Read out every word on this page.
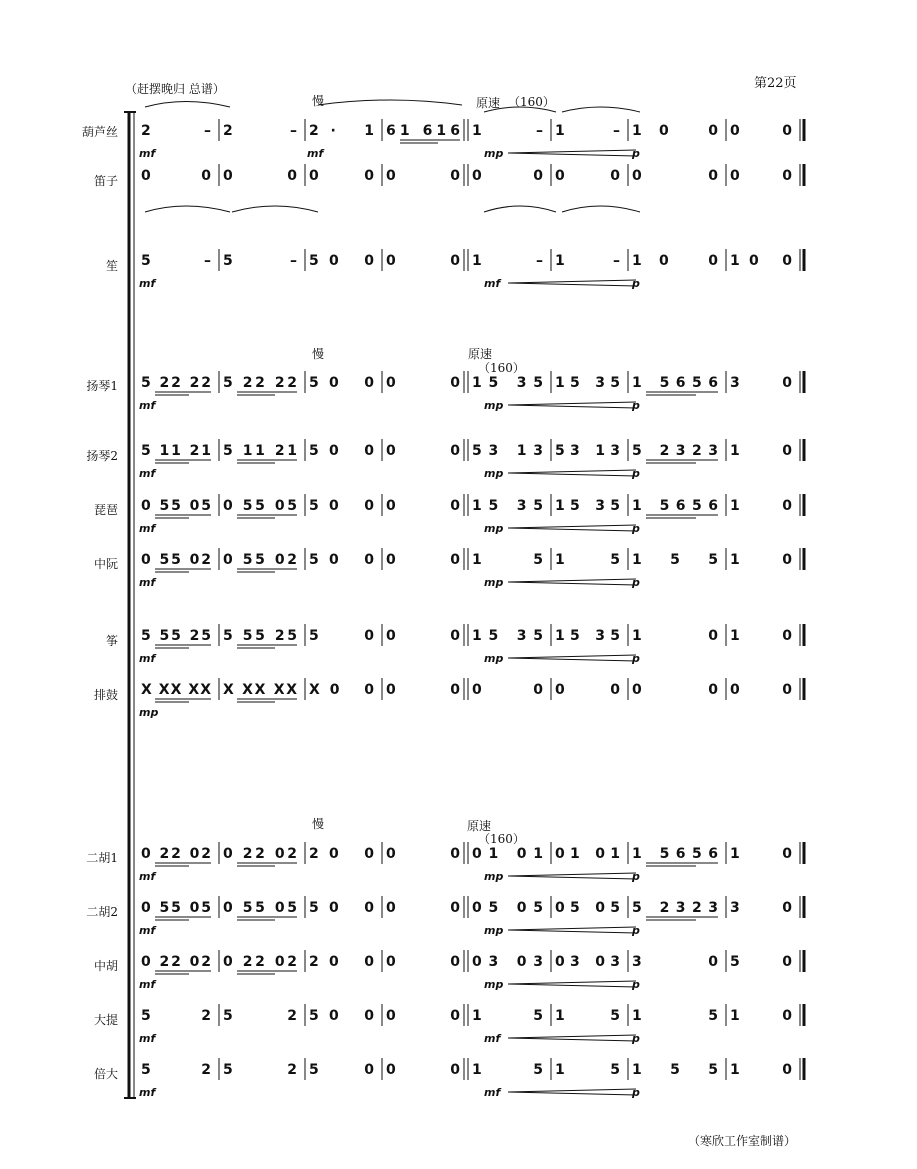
第22页
（赶摆晚归 总谱）
（寒欣工作室制谱）
葫芦丝
笛子
笙
扬琴1
扬琴2
琵琶
中阮
筝
排鼓
二胡1
二胡2
中胡
大提
倍大
慢	原速 （160）
慢	原速
（160）
慢	原速
（160）
2 – 2 – 2· 1 61 616 1 – 1 – 10 0 0 0
mf	mf	mp	p
0 0 0 0 0 0 0 0 0 0 0 0 0 0 0 0
5 – 5 – 50 0 0 0 1 – 1 – 10 0 10 0
mf	mf	p
5 22 22 5 22 22 50 0 0 0 15 35 15 35 1 5656 3 0
mf	mp	p
5 11 21 5 11 21 50 0 0 0 53 13 53 13 5 2323 1 0
mf	mp	p
0 55 05 0 55 05 50 0 0 0 15 35 15 35 1 5656 1 0
mf	mp	p
0 55 02 0 55 02 50 0 0 0 1 5 1 5 1 5 5 1 0
mf	mp	p
5 55 25 5 55 25 5 0 0 0 15 35 15 35 1 0 1 0
mf	mp	p
X XX XX X XX XX X0 0 0 0 0 0 0 0 0 0 0 0
mp
0 22 02 0 22 02 20 0 0 0 01 01 01 01 1 5656 1 0
mf	mp	p
0 55 05 0 55 05 50 0 0 0 05 05 05 05 5 2323 3 0
mf	mp	p
0 22 02 0 22 02 20 0 0 0 03 03 03 03 3 0 5 0
mf	mp	p
5 2 5 2 50 0 0 0 1 5 1 5 1 5 1 0
mf	mf	p
5 2 5 2 5 0 0 0 1 5 1 5 1 5 5 1 0
mf	mf	p
